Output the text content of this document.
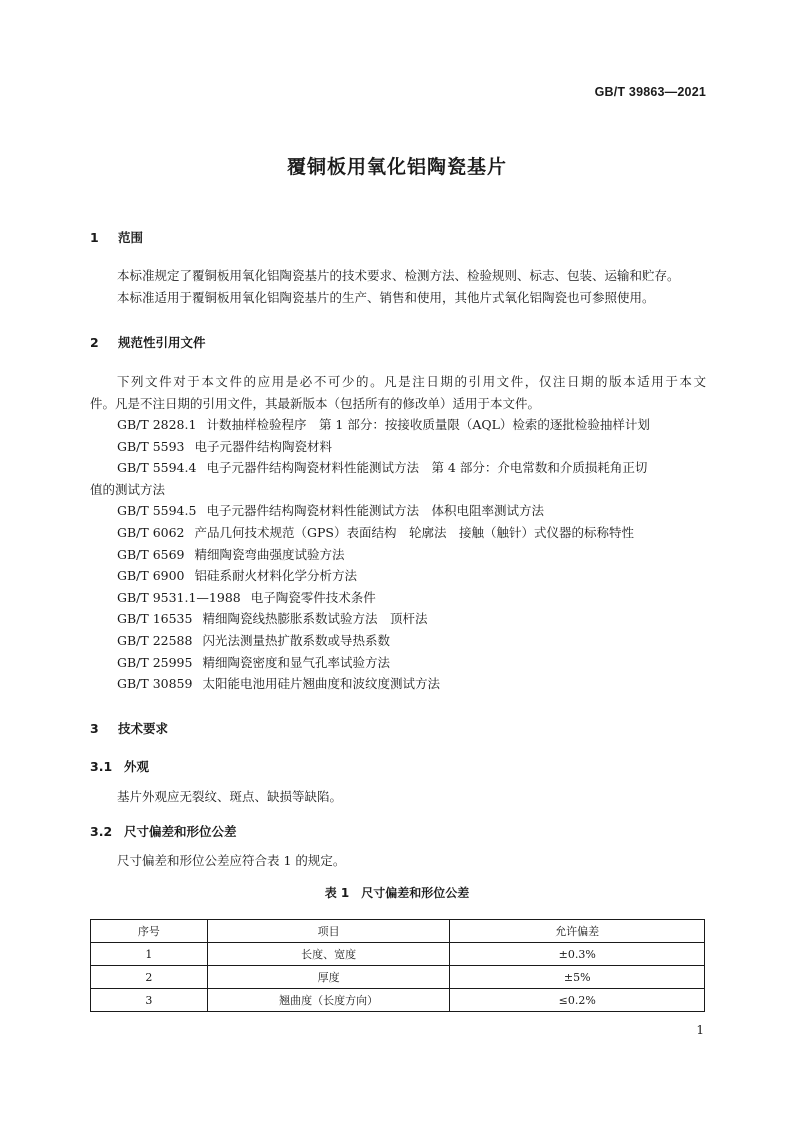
GB/T 39863—2021
覆铜板用氧化铝陶瓷基片
1 范围
本标准规定了覆铜板用氧化铝陶瓷基片的技术要求、检测方法、检验规则、标志、包装、运输和贮存。
本标准适用于覆铜板用氧化铝陶瓷基片的生产、销售和使用，其他片式氧化铝陶瓷也可参照使用。
2 规范性引用文件
下列文件对于本文件的应用是必不可少的。凡是注日期的引用文件，仅注日期的版本适用于本文
件。凡是不注日期的引用文件，其最新版本（包括所有的修改单）适用于本文件。
GB/T 2828.1 计数抽样检验程序　第 1 部分：按接收质量限（AQL）检索的逐批检验抽样计划
GB/T 5593 电子元器件结构陶瓷材料
GB/T 5594.4 电子元器件结构陶瓷材料性能测试方法　第 4 部分：介电常数和介质损耗角正切
值的测试方法
GB/T 5594.5 电子元器件结构陶瓷材料性能测试方法　体积电阻率测试方法
GB/T 6062 产品几何技术规范（GPS）表面结构　轮廓法　接触（触针）式仪器的标称特性
GB/T 6569 精细陶瓷弯曲强度试验方法
GB/T 6900 铝硅系耐火材料化学分析方法
GB/T 9531.1—1988 电子陶瓷零件技术条件
GB/T 16535 精细陶瓷线热膨胀系数试验方法　顶杆法
GB/T 22588 闪光法测量热扩散系数或导热系数
GB/T 25995 精细陶瓷密度和显气孔率试验方法
GB/T 30859 太阳能电池用硅片翘曲度和波纹度测试方法
3 技术要求
3.1 外观
基片外观应无裂纹、斑点、缺损等缺陷。
3.2 尺寸偏差和形位公差
尺寸偏差和形位公差应符合表 1 的规定。
表 1　尺寸偏差和形位公差
序号	项目	允许偏差
1	长度、宽度	±0.3%
2	厚度	±5%
3	翘曲度（长度方向）	≤0.2%
1
